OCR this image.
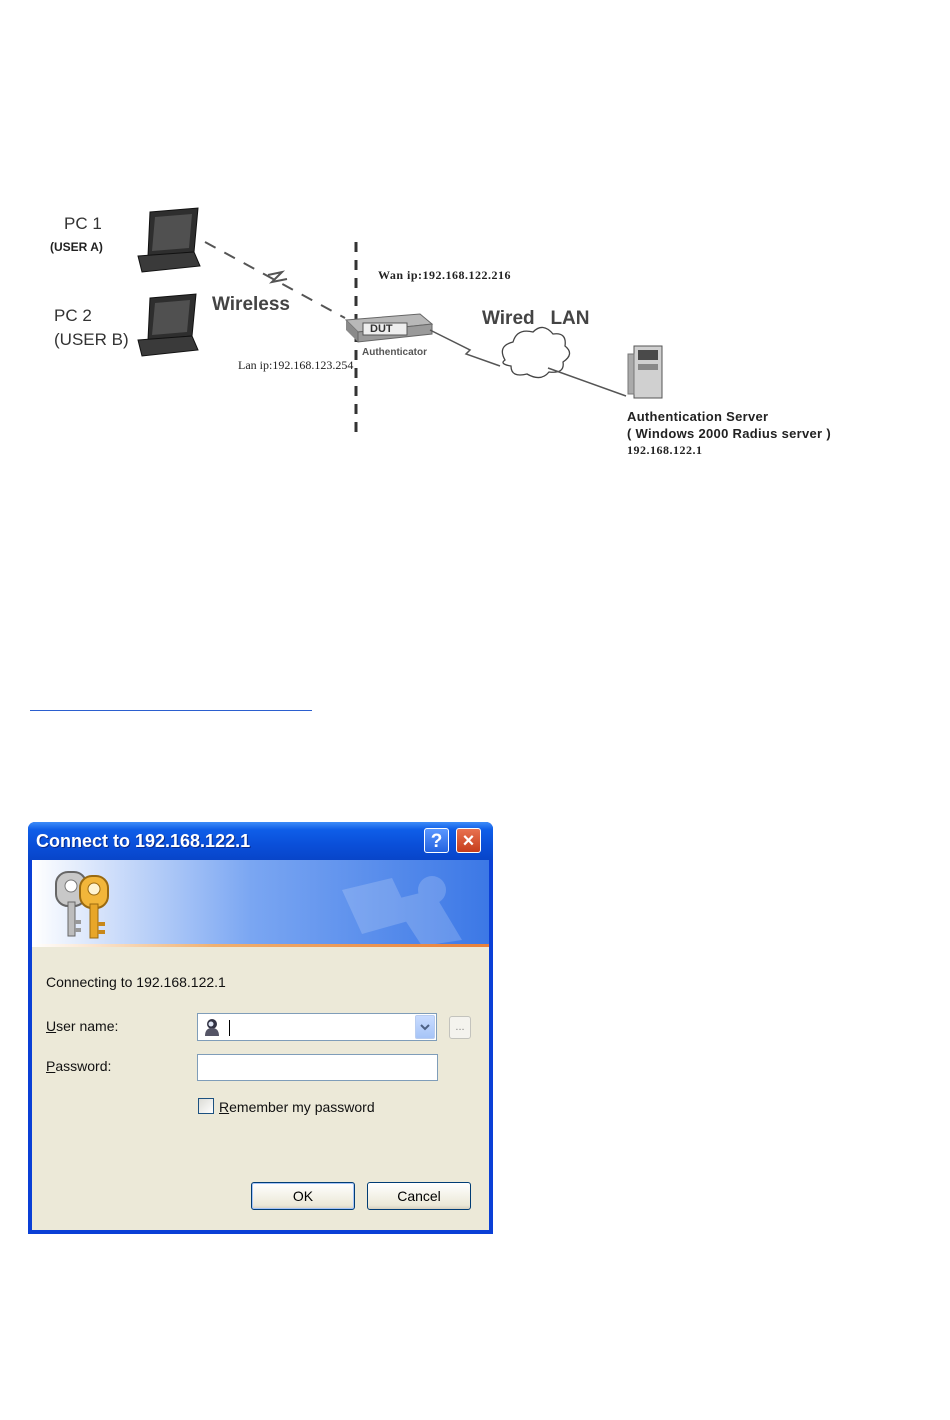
PC 1
(USER A)
PC 2
(USER B)
Wireless
Wired   LAN
Wan ip:192.168.122.216
Lan ip:192.168.123.254
DUT
Authenticator
Authentication Server
( Windows 2000 Radius server )
192.168.122.1
Connect to 192.168.122.1	?	×
Connecting to 192.168.122.1
User name:	...
Password:
Remember my password
OK	Cancel
